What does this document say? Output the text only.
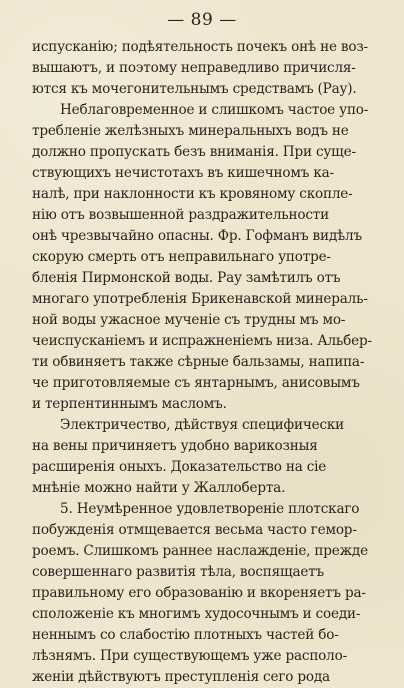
— 89 —
испусканію; подѣятельность почекъ онѣ не воз-
вышаютъ, и поэтому неправедливо причисля-
ются къ мочегонительнымъ средствамъ (Рау).
Неблаговременное и слишкомъ частое упо-
требленіе желѣзныхъ минеральныхъ водъ не
должно пропускать безъ вниманія. При суще-
ствующихъ нечистотахъ въ кишечномъ ка-
налѣ, при наклонности къ кровяному скопле-
нію отъ возвышенной раздражительности
онѣ чрезвычайно опасны. Фр. Гофманъ видѣлъ
скорую смерть отъ неправильнаго употре-
бленія Пирмонской воды. Рау замѣтилъ отъ
многаго употребленія Брикенавской минераль-
ной воды ужасное мученіе съ трудны мъ мо-
чеиспусканіемъ и испражненіемъ низа. Альбер-
ти обвиняетъ также сѣрные бальзамы, напипа-
чe приготовляемые съ янтарнымъ, анисовымъ
и терпентиннымъ масломъ.
Электричество, дѣйствуя специфически
на вены причиняетъ удобно варикозныя
расширенія оныхъ. Доказательство на сіе
мнѣніе можно найти у Жаллоберта.
5. Неумѣренное удовлетвореніе плотскаго
побужденія отмщевается весьма часто гемор-
роемъ. Слишкомъ раннее наслажденіе, прежде
совершеннаго развитія тѣла, воспящаетъ
правильному его образованію и вкореняетъ ра-
сположеніе къ многимъ худосочнымъ и соеди-
неннымъ со слабостію плотныхъ частей бо-
лѣзнямъ. При существующемъ уже располо-
женіи дѣйствуютъ преступленія сего рода
